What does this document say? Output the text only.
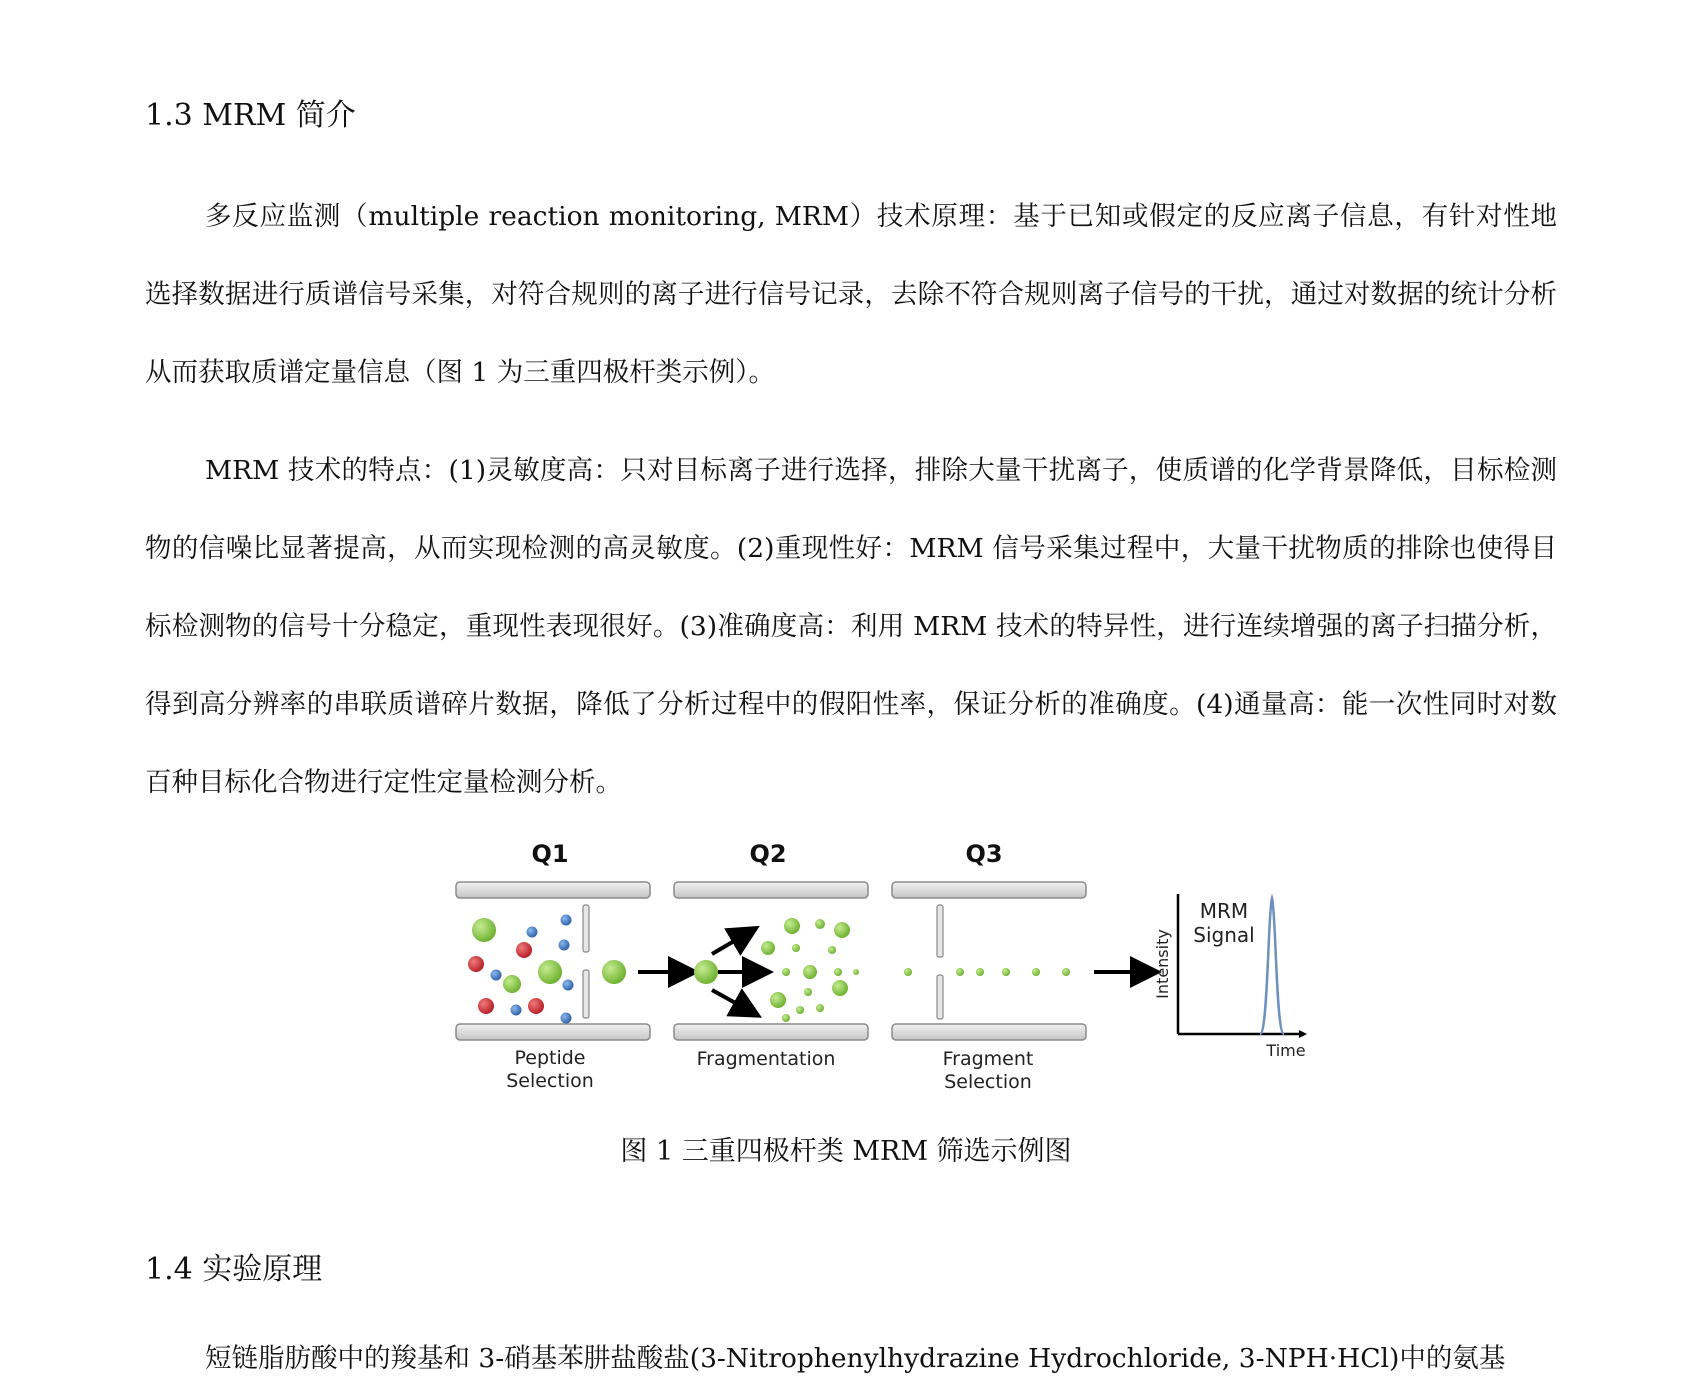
1.3 MRM 简介

多反应监测（multiple reaction monitoring, MRM）技术原理：基于已知或假定的反应离子信息，有针对性地选择数据进行质谱信号采集，对符合规则的离子进行信号记录，去除不符合规则离子信号的干扰，通过对数据的统计分析从而获取质谱定量信息（图 1 为三重四极杆类示例）。

MRM 技术的特点：(1)灵敏度高：只对目标离子进行选择，排除大量干扰离子，使质谱的化学背景降低，目标检测物的信噪比显著提高，从而实现检测的高灵敏度。(2)重现性好：MRM 信号采集过程中，大量干扰物质的排除也使得目标检测物的信号十分稳定，重现性表现很好。(3)准确度高：利用 MRM 技术的特异性，进行连续增强的离子扫描分析，得到高分辨率的串联质谱碎片数据，降低了分析过程中的假阳性率，保证分析的准确度。(4)通量高：能一次性同时对数百种目标化合物进行定性定量检测分析。

Q1	Q2	Q3
MRM
Signal
Intensity
Time
Peptide
Selection
Fragmentation	Fragment
Selection

图 1 三重四极杆类 MRM 筛选示例图

1.4 实验原理

短链脂肪酸中的羧基和 3-硝基苯肼盐酸盐(3-Nitrophenylhydrazine Hydrochloride, 3-NPH·HCl)中的氨基
